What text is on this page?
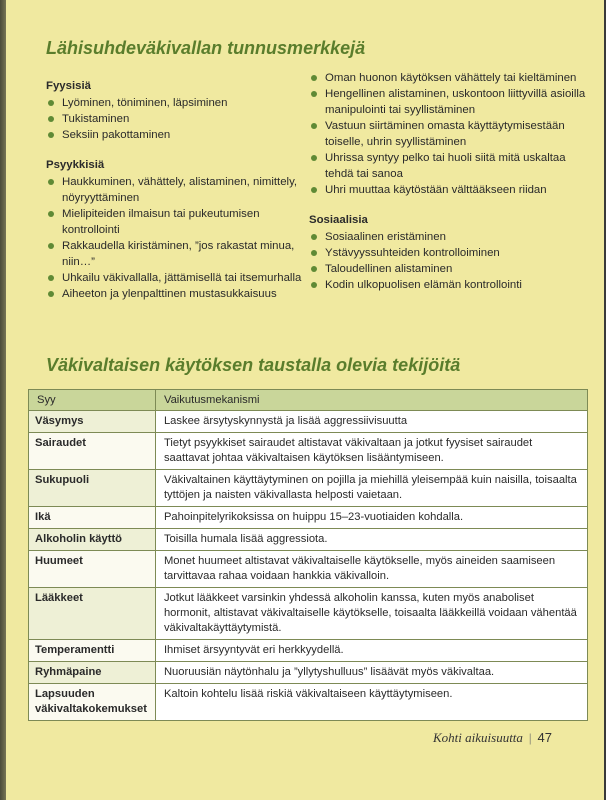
Lähisuhdeväkivallan tunnusmerkkejä
Fyysisiä
Lyöminen, töniminen, läpsiminen
Tukistaminen
Seksiin pakottaminen
Psyykkisiä
Haukkuminen, vähättely, alistaminen, nimittely, nöyryyttäminen
Mielipiteiden ilmaisun tai pukeutumisen kontrollointi
Rakkaudella kiristäminen, ”jos rakastat minua, niin…”
Uhkailu väkivallalla, jättämisellä tai itsemurhalla
Aiheeton ja ylenpalttinen mustasukkaisuus
Oman huonon käytöksen vähättely tai kieltäminen
Hengellinen alistaminen, uskontoon liittyvillä asioilla manipulointi tai syyllistäminen
Vastuun siirtäminen omasta käyttäytymisestään toiselle, uhrin syyllistäminen
Uhrissa syntyy pelko tai huoli siitä mitä uskaltaa tehdä tai sanoa
Uhri muuttaa käytöstään välttääkseen riidan
Sosiaalisia
Sosiaalinen eristäminen
Ystävyyssuhteiden kontrolloiminen
Taloudellinen alistaminen
Kodin ulkopuolisen elämän kontrollointi
Väkivaltaisen käytöksen taustalla olevia tekijöitä
Syy	Vaikutusmekanismi
Väsymys	Laskee ärsytyskynnystä ja lisää aggressiivisuutta
Sairaudet	Tietyt psyykkiset sairaudet altistavat väkivaltaan ja jotkut fyysiset sairaudet saattavat johtaa väkivaltaisen käytöksen lisääntymiseen.
Sukupuoli	Väkivaltainen käyttäytyminen on pojilla ja miehillä yleisempää kuin naisilla, toisaalta tyttöjen ja naisten väkivallasta helposti vaietaan.
Ikä	Pahoinpitelyrikoksissa on huippu 15–23-vuotiaiden kohdalla.
Alkoholin käyttö	Toisilla humala lisää aggressiota.
Huumeet	Monet huumeet altistavat väkivaltaiselle käytökselle, myös aineiden saamiseen tarvittavaa rahaa voidaan hankkia väkivalloin.
Lääkkeet	Jotkut lääkkeet varsinkin yhdessä alkoholin kanssa, kuten myös anaboliset hormonit, altistavat väkivaltaiselle käytökselle, toisaalta lääkkeillä voidaan vähentää väkivaltakäyttäytymistä.
Temperamentti	Ihmiset ärsyyntyvät eri herkkyydellä.
Ryhmäpaine	Nuoruusiän näytönhalu ja ”yllytyshulluus” lisäävät myös väkivaltaa.
Lapsuuden väkivaltakokemukset	Kaltoin kohtelu lisää riskiä väkivaltaiseen käyttäytymiseen.
Kohti aikuisuutta | 47
